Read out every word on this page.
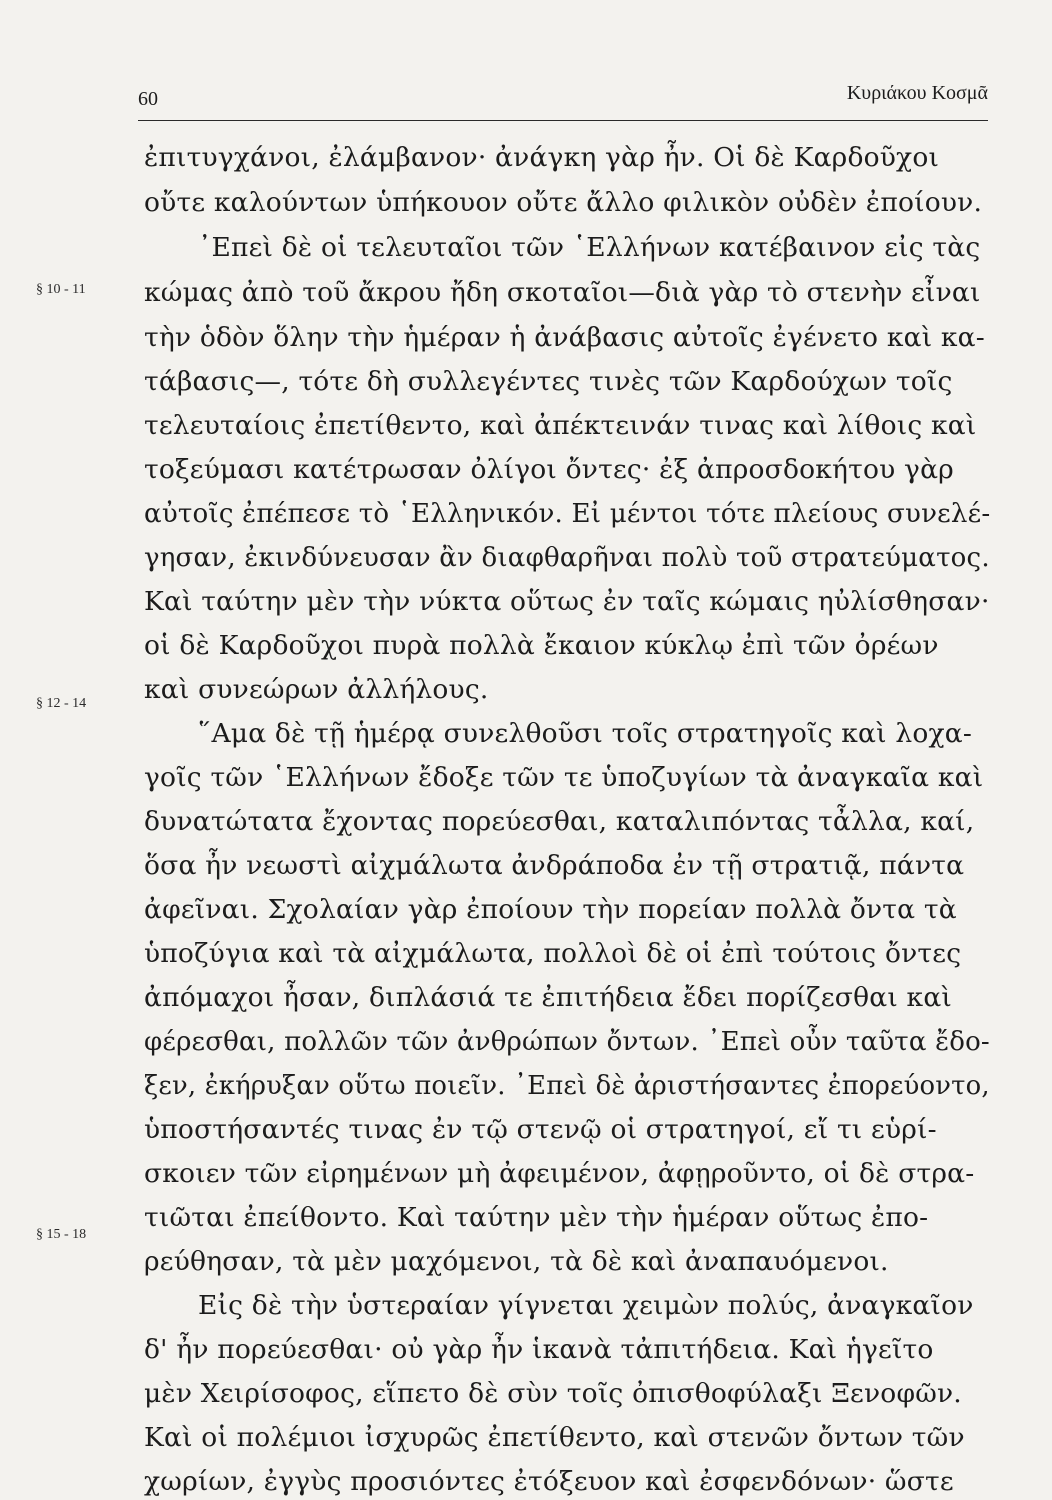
60	Κυριάκου Κοσμᾶ
§ 10 - 11
§ 12 - 14
§ 15 - 18
ἐπιτυγχάνοι, ἐλάμβανον· ἀνάγκη γὰρ ἦν. Οἱ δὲ Καρδοῦχοι
οὔτε καλούντων ὑπήκουον οὔτε ἄλλο φιλικὸν οὐδὲν ἐποίουν.
᾿Επεὶ δὲ οἱ τελευταῖοι τῶν ῾Ελλήνων κατέβαινον εἰς τὰς
κώμας ἀπὸ τοῦ ἄκρου ἤδη σκοταῖοι—διὰ γὰρ τὸ στενὴν εἶναι
τὴν ὁδὸν ὅλην τὴν ἡμέραν ἡ ἀνάβασις αὐτοῖς ἐγένετο καὶ κα-
τάβασις—, τότε δὴ συλλεγέντες τινὲς τῶν Καρδούχων τοῖς
τελευταίοις ἐπετίθεντο, καὶ ἀπέκτεινάν τινας καὶ λίθοις καὶ
τοξεύμασι κατέτρωσαν ὀλίγοι ὄντες· ἐξ ἀπροσδοκήτου γὰρ
αὐτοῖς ἐπέπεσε τὸ ῾Ελληνικόν. Εἰ μέντοι τότε πλείους συνελέ-
γησαν, ἐκινδύνευσαν ἂν διαφθαρῆναι πολὺ τοῦ στρατεύματος.
Καὶ ταύτην μὲν τὴν νύκτα οὕτως ἐν ταῖς κώμαις ηὐλίσθησαν·
οἱ δὲ Καρδοῦχοι πυρὰ πολλὰ ἔκαιον κύκλῳ ἐπὶ τῶν ὀρέων
καὶ συνεώρων ἀλλήλους.
῞Αμα δὲ τῇ ἡμέρᾳ συνελθοῦσι τοῖς στρατηγοῖς καὶ λοχα-
γοῖς τῶν ῾Ελλήνων ἔδοξε τῶν τε ὑποζυγίων τὰ ἀναγκαῖα καὶ
δυνατώτατα ἔχοντας πορεύεσθαι, καταλιπόντας τἆλλα, καί,
ὅσα ἦν νεωστὶ αἰχμάλωτα ἀνδράποδα ἐν τῇ στρατιᾷ, πάντα
ἀφεῖναι. Σχολαίαν γὰρ ἐποίουν τὴν πορείαν πολλὰ ὄντα τὰ
ὑποζύγια καὶ τὰ αἰχμάλωτα, πολλοὶ δὲ οἱ ἐπὶ τούτοις ὄντες
ἀπόμαχοι ἦσαν, διπλάσιά τε ἐπιτήδεια ἔδει πορίζεσθαι καὶ
φέρεσθαι, πολλῶν τῶν ἀνθρώπων ὄντων. ᾿Επεὶ οὖν ταῦτα ἔδο-
ξεν, ἐκήρυξαν οὕτω ποιεῖν. ᾿Επεὶ δὲ ἀριστήσαντες ἐπορεύοντο,
ὑποστήσαντές τινας ἐν τῷ στενῷ οἱ στρατηγοί, εἴ τι εὑρί-
σκοιεν τῶν εἰρημένων μὴ ἀφειμένον, ἀφῃροῦντο, οἱ δὲ στρα-
τιῶται ἐπείθοντο. Καὶ ταύτην μὲν τὴν ἡμέραν οὕτως ἐπο-
ρεύθησαν, τὰ μὲν μαχόμενοι, τὰ δὲ καὶ ἀναπαυόμενοι.
Εἰς δὲ τὴν ὑστεραίαν γίγνεται χειμὼν πολύς, ἀναγκαῖον
δ' ἦν πορεύεσθαι· οὐ γὰρ ἦν ἱκανὰ τἀπιτήδεια. Καὶ ἡγεῖτο
μὲν Χειρίσοφος, εἵπετο δὲ σὺν τοῖς ὀπισθοφύλαξι Ξενοφῶν.
Καὶ οἱ πολέμιοι ἰσχυρῶς ἐπετίθεντο, καὶ στενῶν ὄντων τῶν
χωρίων, ἐγγὺς προσιόντες ἐτόξευον καὶ ἐσφενδόνων· ὥστε
